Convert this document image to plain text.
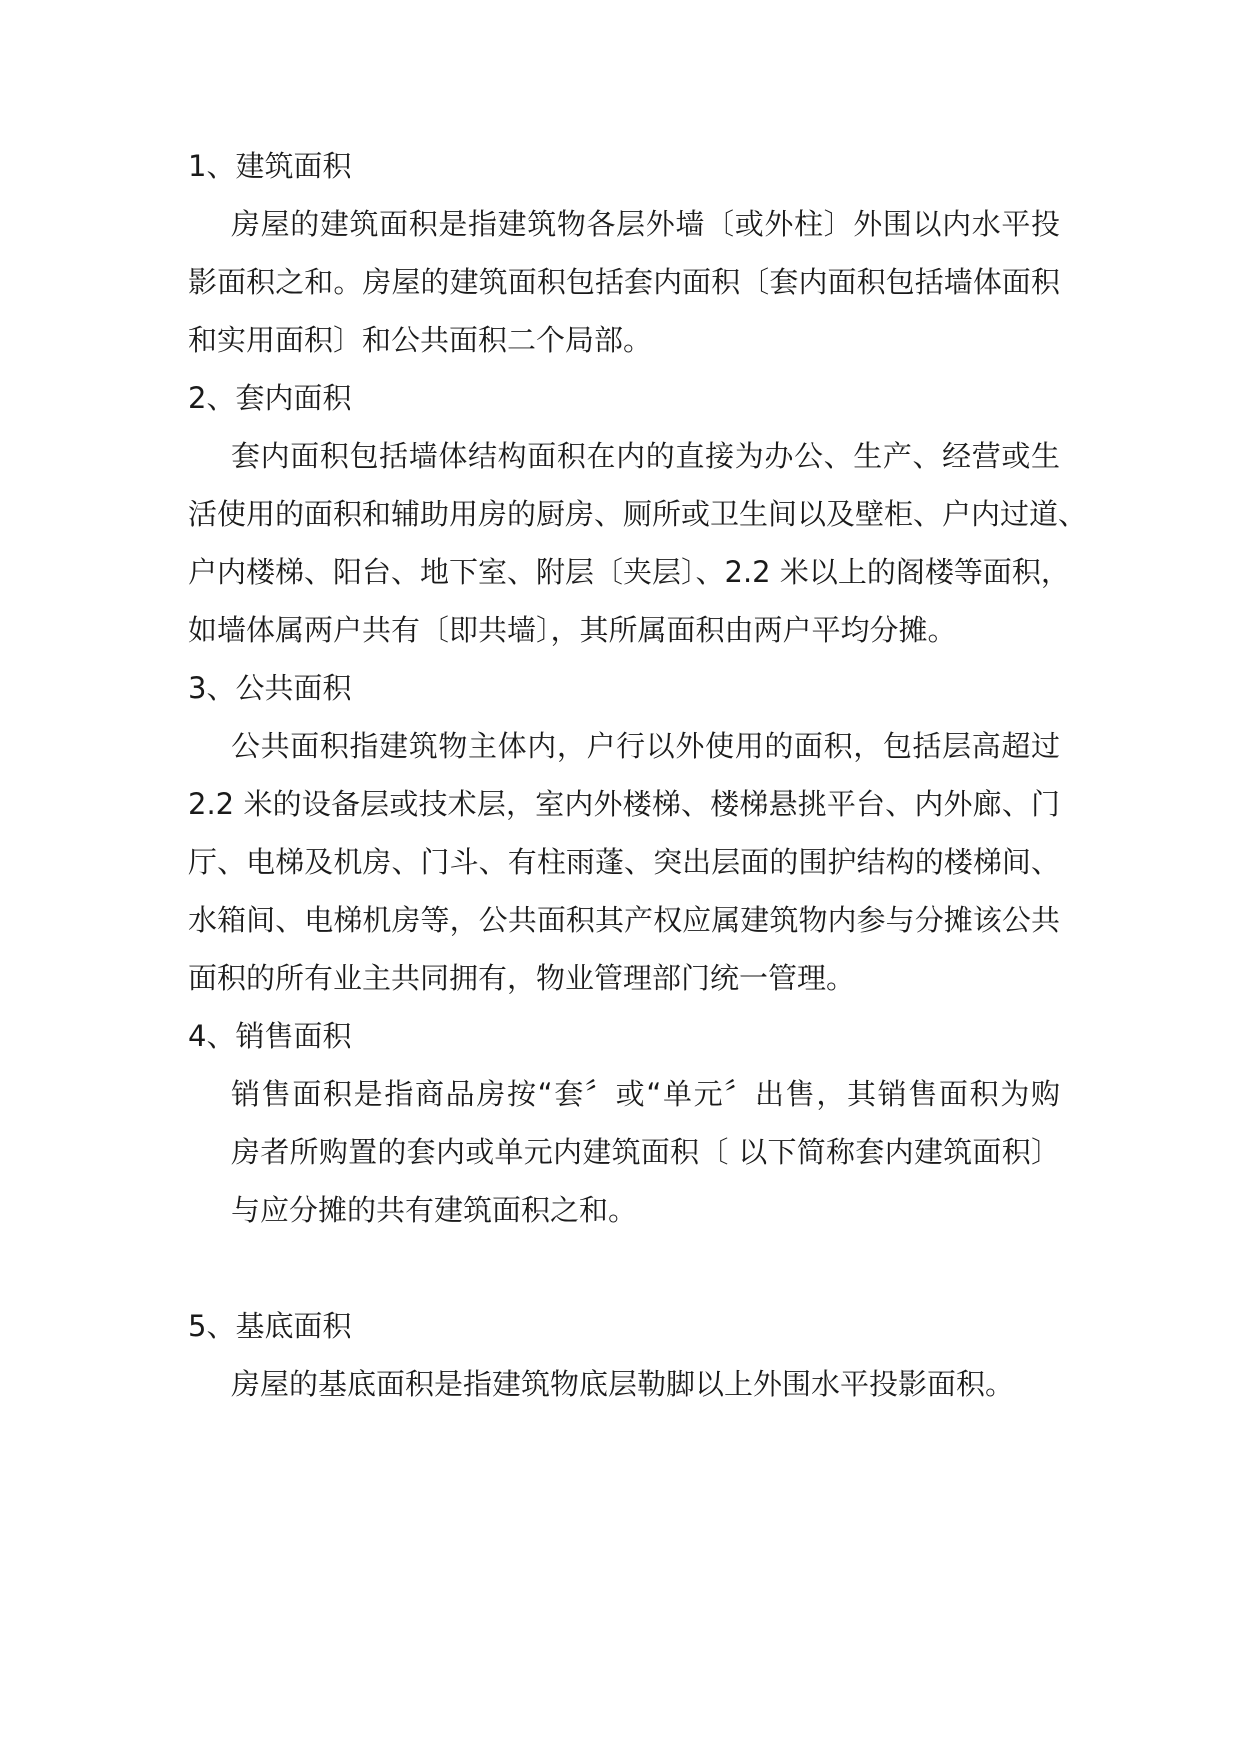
1、建筑面积
房屋的建筑面积是指建筑物各层外墙〔或外柱〕外围以内水平投
影面积之和。房屋的建筑面积包括套内面积〔套内面积包括墙体面积
和实用面积〕和公共面积二个局部。
2、套内面积
套内面积包括墙体结构面积在内的直接为办公、生产、经营或生
活使用的面积和辅助用房的厨房、厕所或卫生间以及壁柜、户内过道、
户内楼梯、阳台、地下室、附层〔夹层〕、2.2 米以上的阁楼等面积，
如墙体属两户共有〔即共墙〕，其所属面积由两户平均分摊。
3、公共面积
公共面积指建筑物主体内，户行以外使用的面积，包括层高超过
2.2 米的设备层或技术层，室内外楼梯、楼梯悬挑平台、内外廊、门
厅、电梯及机房、门斗、有柱雨蓬、突出层面的围护结构的楼梯间、
水箱间、电梯机房等，公共面积其产权应属建筑物内参与分摊该公共
面积的所有业主共同拥有，物业管理部门统一管理。
4、销售面积
销售面积是指商品房按“套〞或“单元〞出售，其销售面积为购
房者所购置的套内或单元内建筑面积〔 以下简称套内建筑面积〕
与应分摊的共有建筑面积之和。
5、基底面积
房屋的基底面积是指建筑物底层勒脚以上外围水平投影面积。
